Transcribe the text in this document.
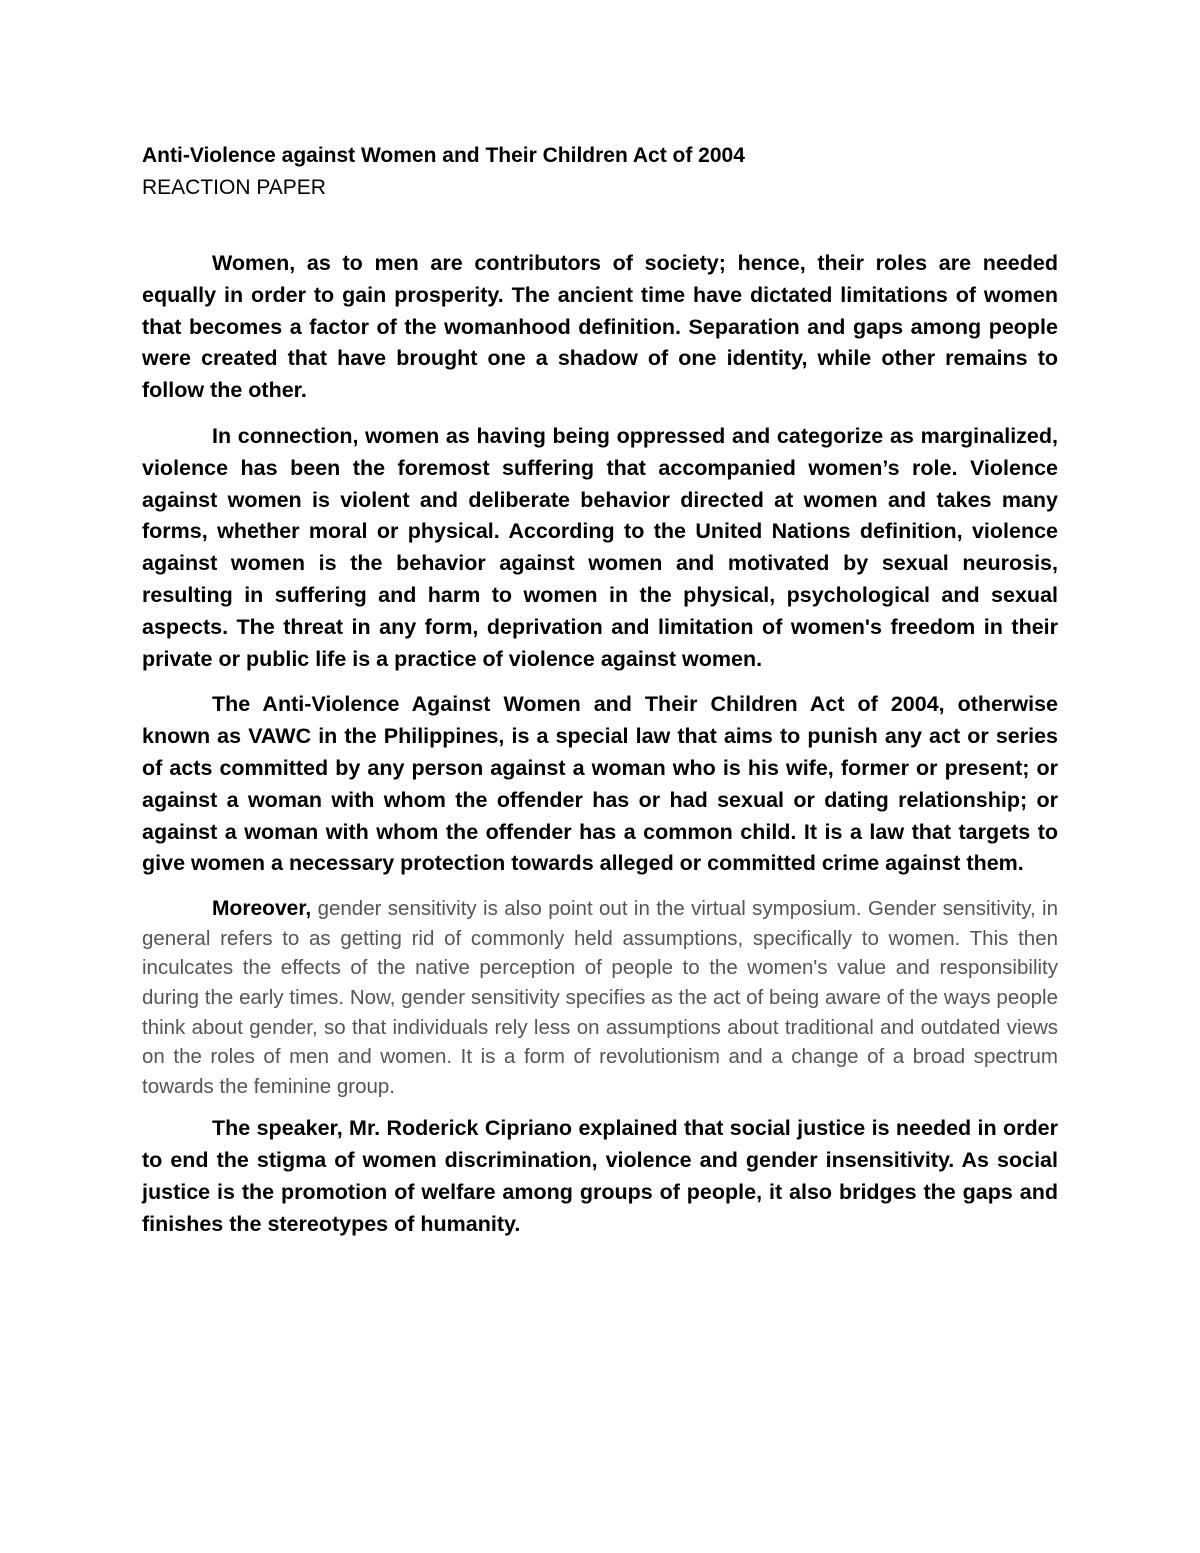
Anti-Violence against Women and Their Children Act of 2004
REACTION PAPER

Women, as to men are contributors of society; hence, their roles are needed equally in order to gain prosperity. The ancient time have dictated limitations of women that becomes a factor of the womanhood definition. Separation and gaps among people were created that have brought one a shadow of one identity, while other remains to follow the other.

In connection, women as having being oppressed and categorize as marginalized, violence has been the foremost suffering that accompanied women’s role. Violence against women is violent and deliberate behavior directed at women and takes many forms, whether moral or physical. According to the United Nations definition, violence against women is the behavior against women and motivated by sexual neurosis, resulting in suffering and harm to women in the physical, psychological and sexual aspects. The threat in any form, deprivation and limitation of women's freedom in their private or public life is a practice of violence against women.

The Anti-Violence Against Women and Their Children Act of 2004, otherwise known as VAWC in the Philippines, is a special law that aims to punish any act or series of acts committed by any person against a woman who is his wife, former or present; or against a woman with whom the offender has or had sexual or dating relationship; or against a woman with whom the offender has a common child. It is a law that targets to give women a necessary protection towards alleged or committed crime against them.

Moreover, gender sensitivity is also point out in the virtual symposium. Gender sensitivity, in general refers to as getting rid of commonly held assumptions, specifically to women. This then inculcates the effects of the native perception of people to the women's value and responsibility during the early times. Now, gender sensitivity specifies as the act of being aware of the ways people think about gender, so that individuals rely less on assumptions about traditional and outdated views on the roles of men and women. It is a form of revolutionism and a change of a broad spectrum towards the feminine group.

The speaker, Mr. Roderick Cipriano explained that social justice is needed in order to end the stigma of women discrimination, violence and gender insensitivity. As social justice is the promotion of welfare among groups of people, it also bridges the gaps and finishes the stereotypes of humanity.
